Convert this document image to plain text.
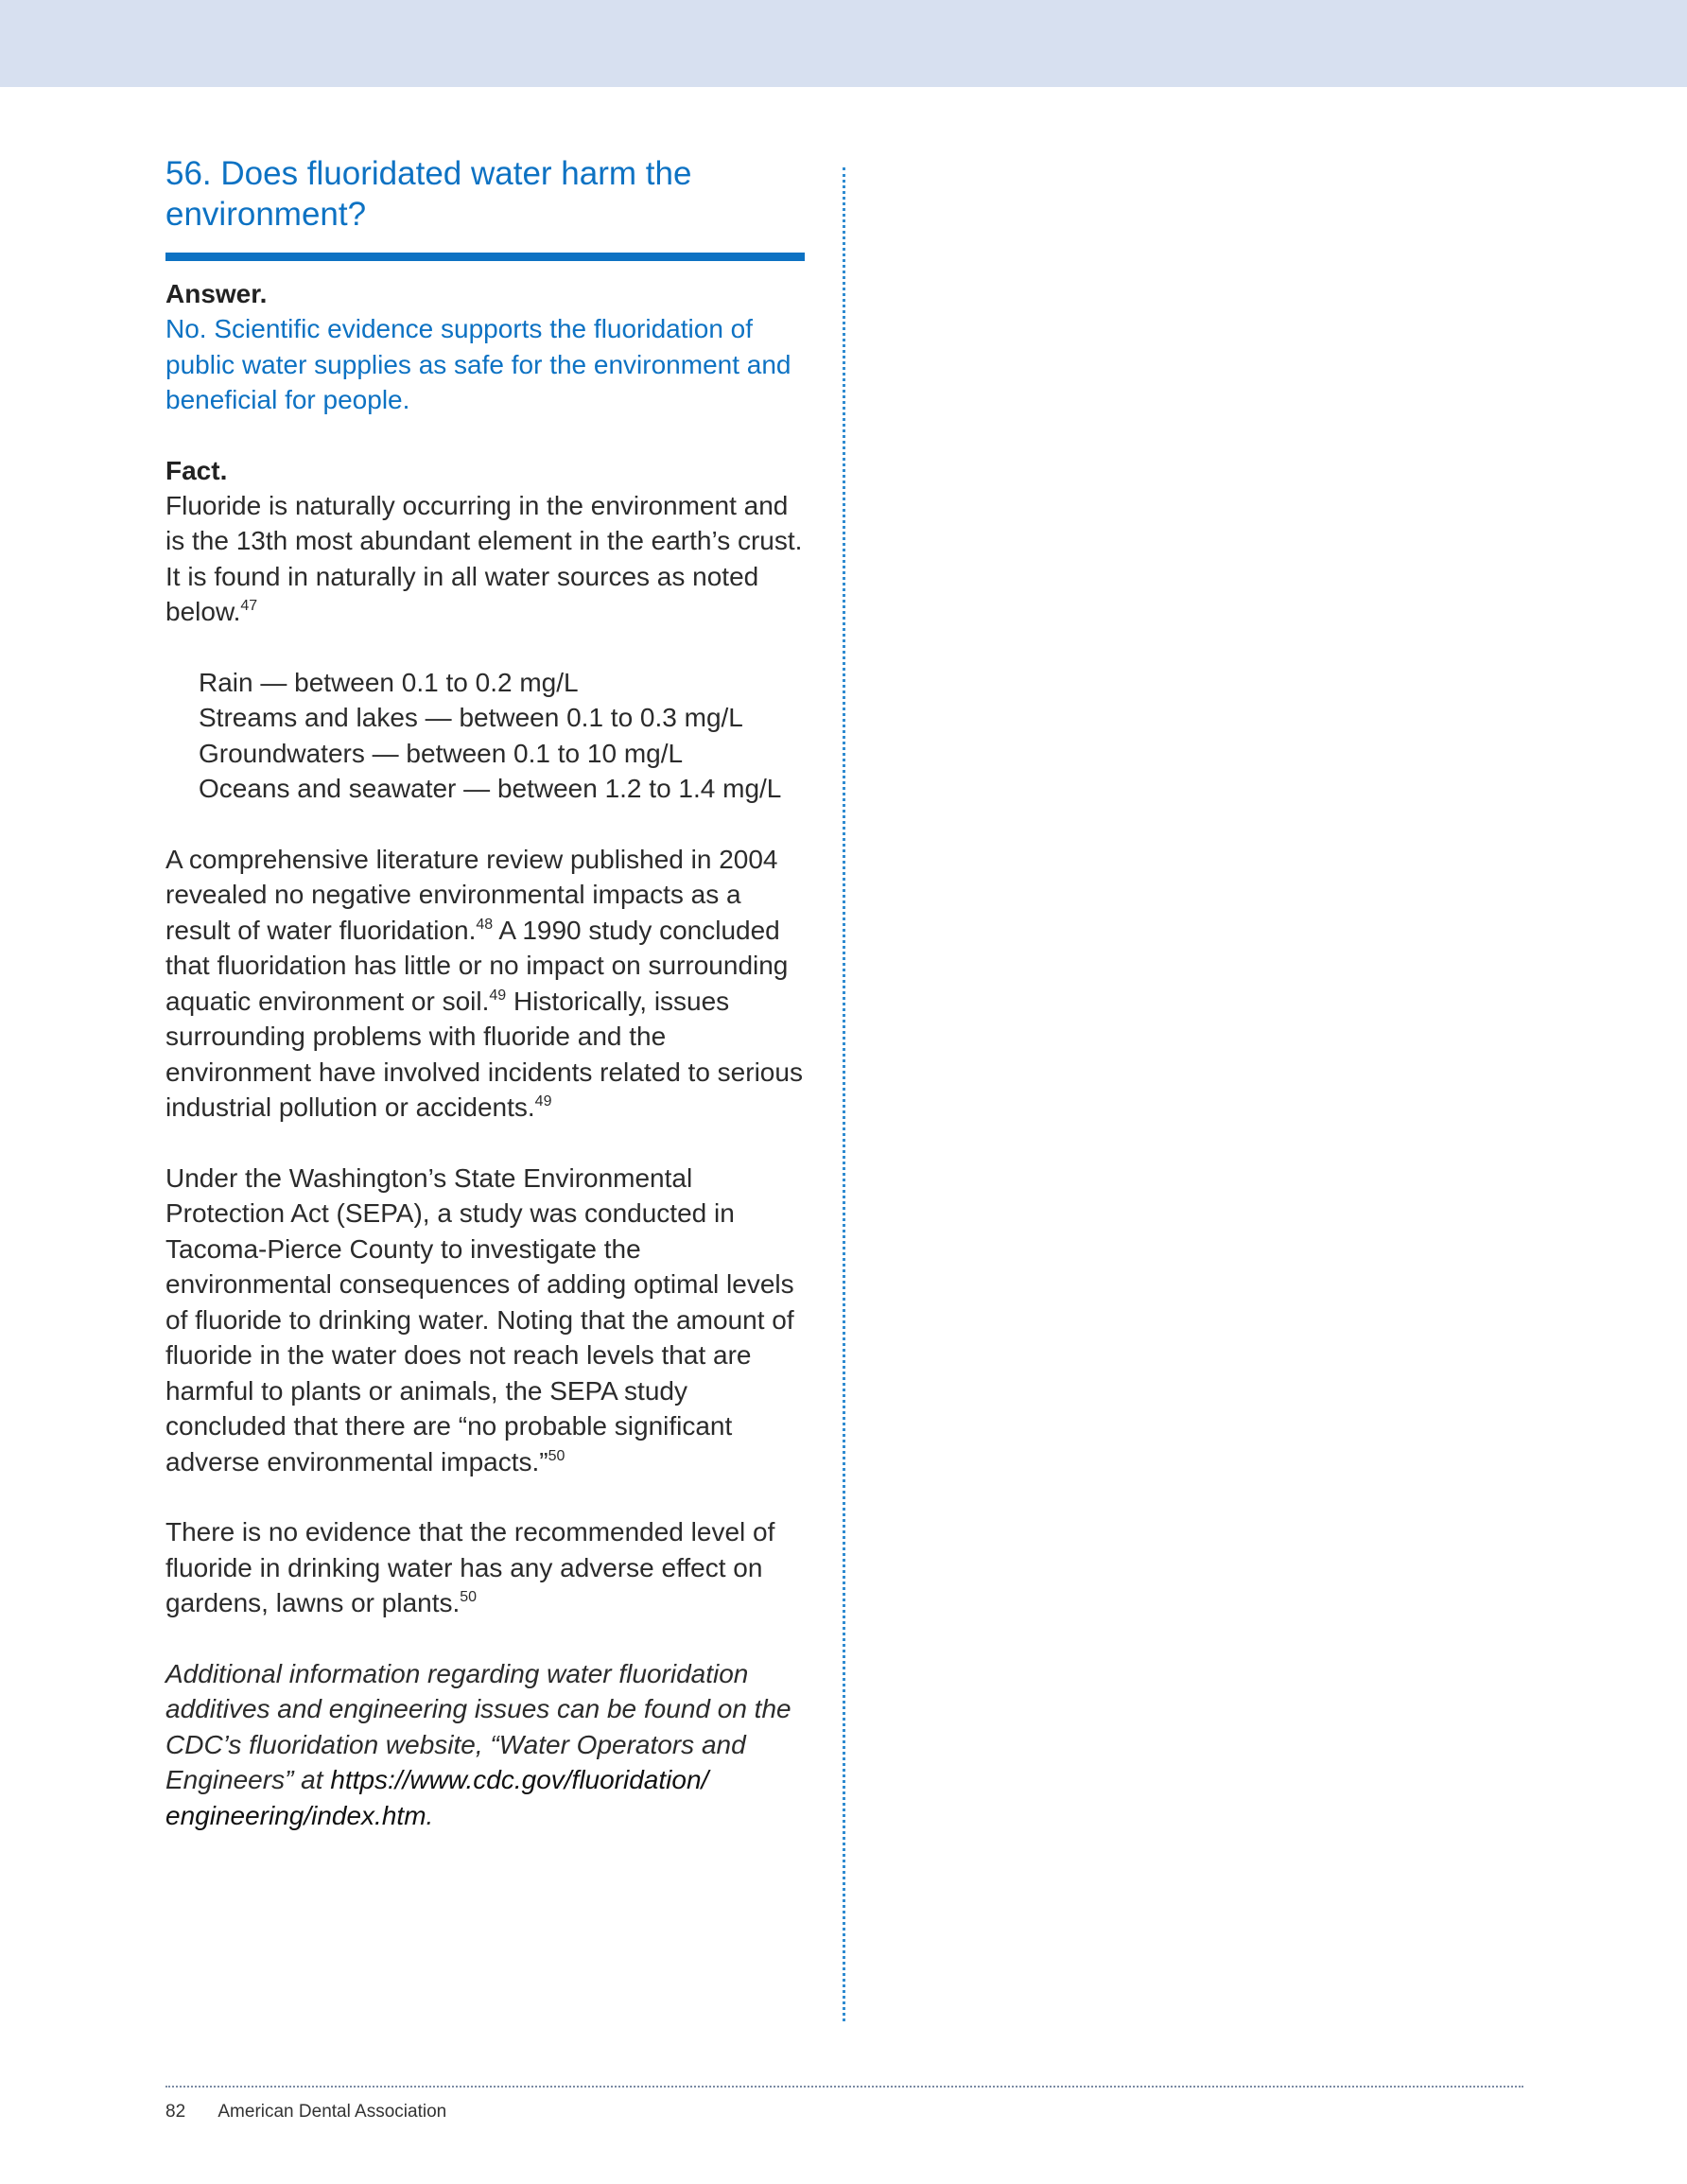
56. Does fluoridated water harm the environment?
Answer.
No. Scientific evidence supports the fluoridation of public water supplies as safe for the environment and beneficial for people.
Fact.
Fluoride is naturally occurring in the environment and is the 13th most abundant element in the earth’s crust. It is found in naturally in all water sources as noted below.$^{47}$
Rain — between 0.1 to 0.2 mg/L
Streams and lakes — between 0.1 to 0.3 mg/L
Groundwaters — between 0.1 to 10 mg/L
Oceans and seawater — between 1.2 to 1.4 mg/L
A comprehensive literature review published in 2004 revealed no negative environmental impacts as a result of water fluoridation.$^{48}$ A 1990 study concluded that fluoridation has little or no impact on surrounding aquatic environment or soil.$^{49}$ Historically, issues surrounding problems with fluoride and the environment have involved incidents related to serious industrial pollution or accidents.$^{49}$
Under the Washington’s State Environmental Protection Act (SEPA), a study was conducted in Tacoma-Pierce County to investigate the environmental consequences of adding optimal levels of fluoride to drinking water. Noting that the amount of fluoride in the water does not reach levels that are harmful to plants or animals, the SEPA study concluded that there are “no probable significant adverse environmental impacts.”$^{50}$
There is no evidence that the recommended level of fluoride in drinking water has any adverse effect on gardens, lawns or plants.$^{50}$
Additional information regarding water fluoridation additives and engineering issues can be found on the CDC’s fluoridation website, “Water Operators and Engineers” at https://www.cdc.gov/fluoridation/ engineering/index.htm.
82 American Dental Association
